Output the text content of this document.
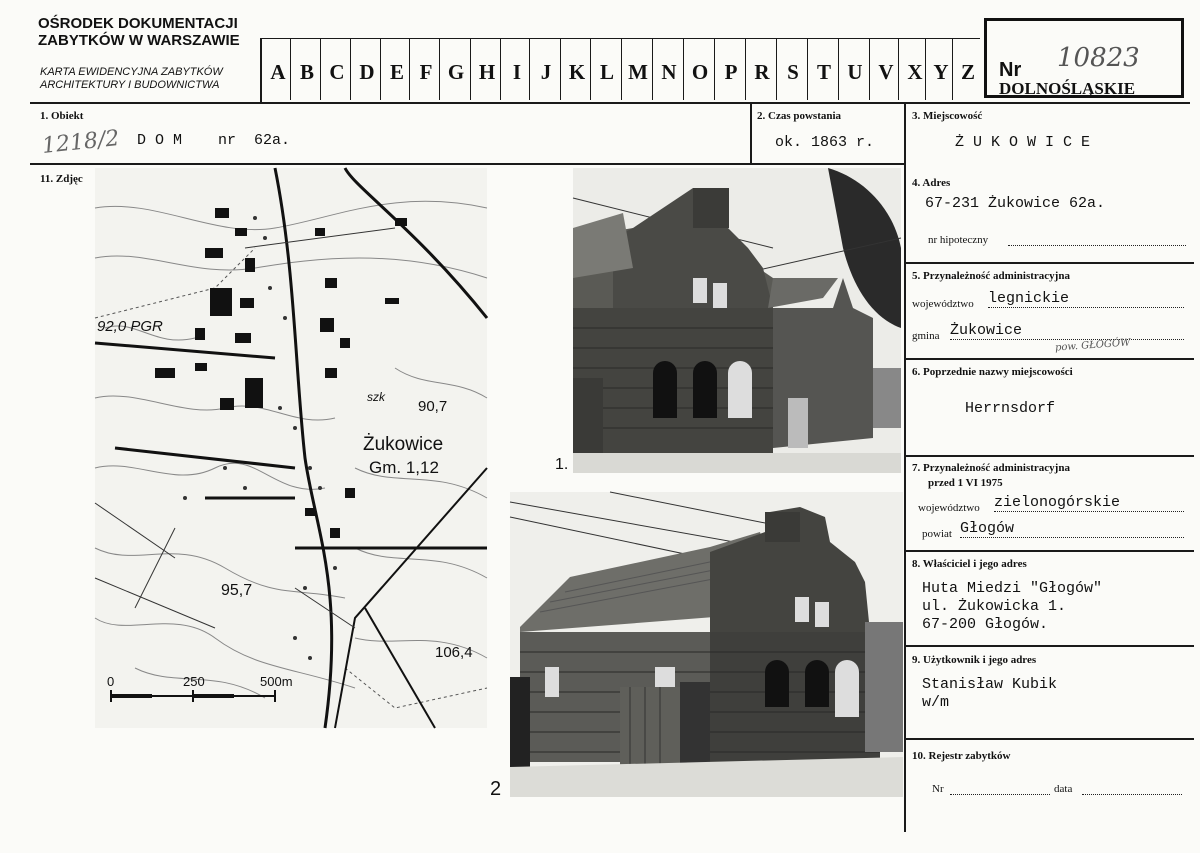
OŚRODEK DOKUMENTACJI
ZABYTKÓW W WARSZAWIE
KARTA EWIDENCYJNA ZABYTKÓW
ARCHITEKTURY I BUDOWNICTWA
A B C D E F G H I J K L M N O P R S T U V X Y Z Nr 10823
DOLNOŚLĄSKIE
1. Obiekt
1218/2 D O M    nr  62a.
2. Czas powstania
ok. 1863 r.
3. Miejscowość
Ż U K O W I C E
11. Zdjęc
92,0 PGR
90,7
Żukowice
Gm. 1,12
95,7
106,4
szk
0	250	500m
1.
2
4. Adres
67-231 Żukowice 62a.
nr hipoteczny
5. Przynależność administracyjna
województwo legnickie
gmina Żukowice
pow. GŁOGÓW
6. Poprzednie nazwy miejscowości
Herrnsdorf
7. Przynależność administracyjna
przed 1 VI 1975
województwo zielonogórskie
powiat Głogów
8. Właściciel i jego adres
Huta Miedzi "Głogów"
ul. Żukowicka 1.
67-200 Głogów.
9. Użytkownik i jego adres
Stanisław Kubik
w/m
10. Rejestr zabytków
Nr	data
